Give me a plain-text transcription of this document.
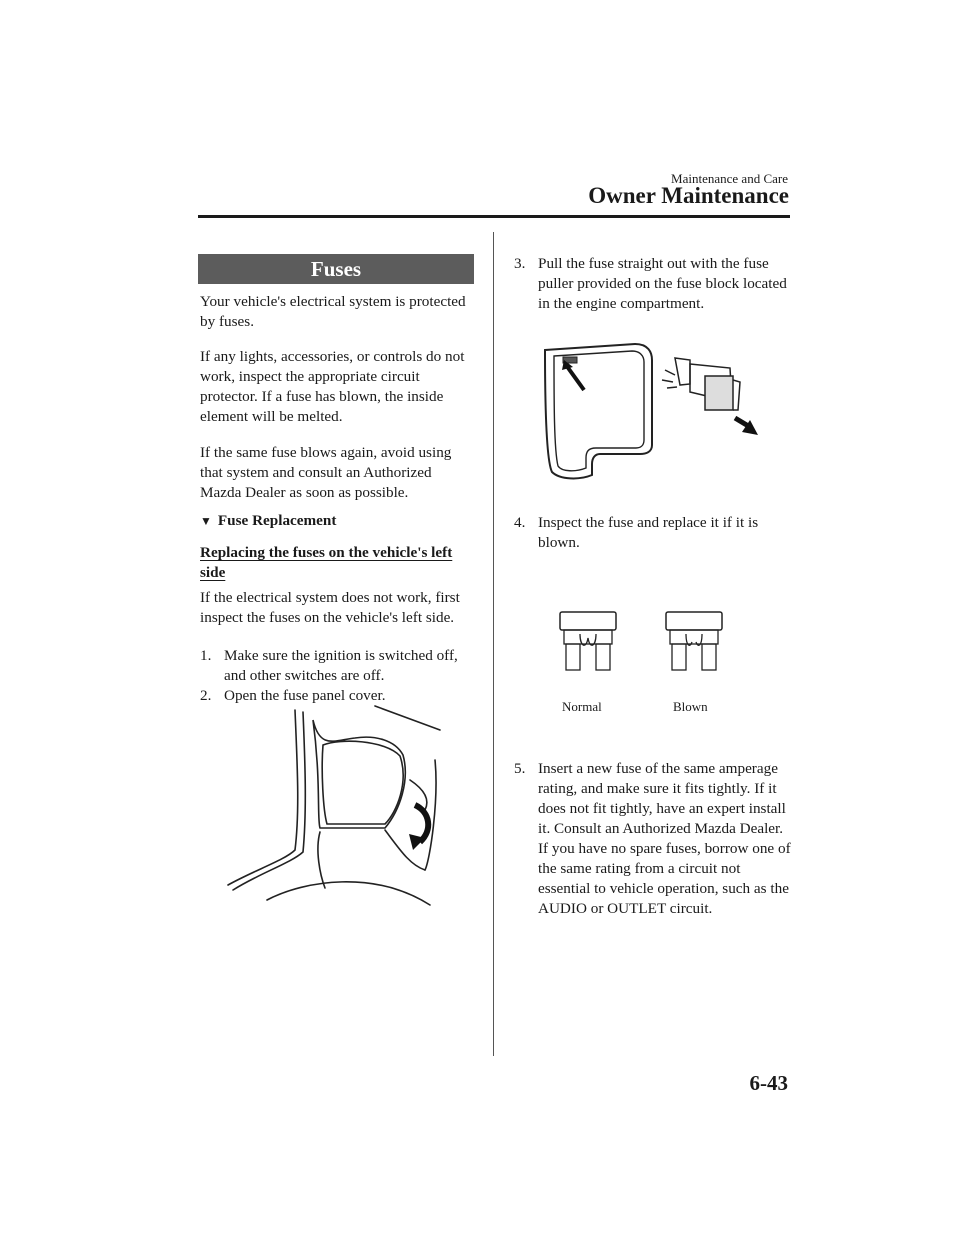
Maintenance and Care
Owner Maintenance
Fuses
Your vehicle's electrical system is protected by fuses.
If any lights, accessories, or controls do not work, inspect the appropriate circuit protector. If a fuse has blown, the inside element will be melted.
If the same fuse blows again, avoid using that system and consult an Authorized Mazda Dealer as soon as possible.
▼ Fuse Replacement
Replacing the fuses on the vehicle's left side
If the electrical system does not work, first inspect the fuses on the vehicle's left side.
1. Make sure the ignition is switched off, and other switches are off.
2. Open the fuse panel cover.
3. Pull the fuse straight out with the fuse puller provided on the fuse block located in the engine compartment.
4. Inspect the fuse and replace it if it is blown.
Normal	Blown
5. Insert a new fuse of the same amperage rating, and make sure it fits tightly. If it does not fit tightly, have an expert install it. Consult an Authorized Mazda Dealer.
If you have no spare fuses, borrow one of the same rating from a circuit not essential to vehicle operation, such as the AUDIO or OUTLET circuit.
6-43
